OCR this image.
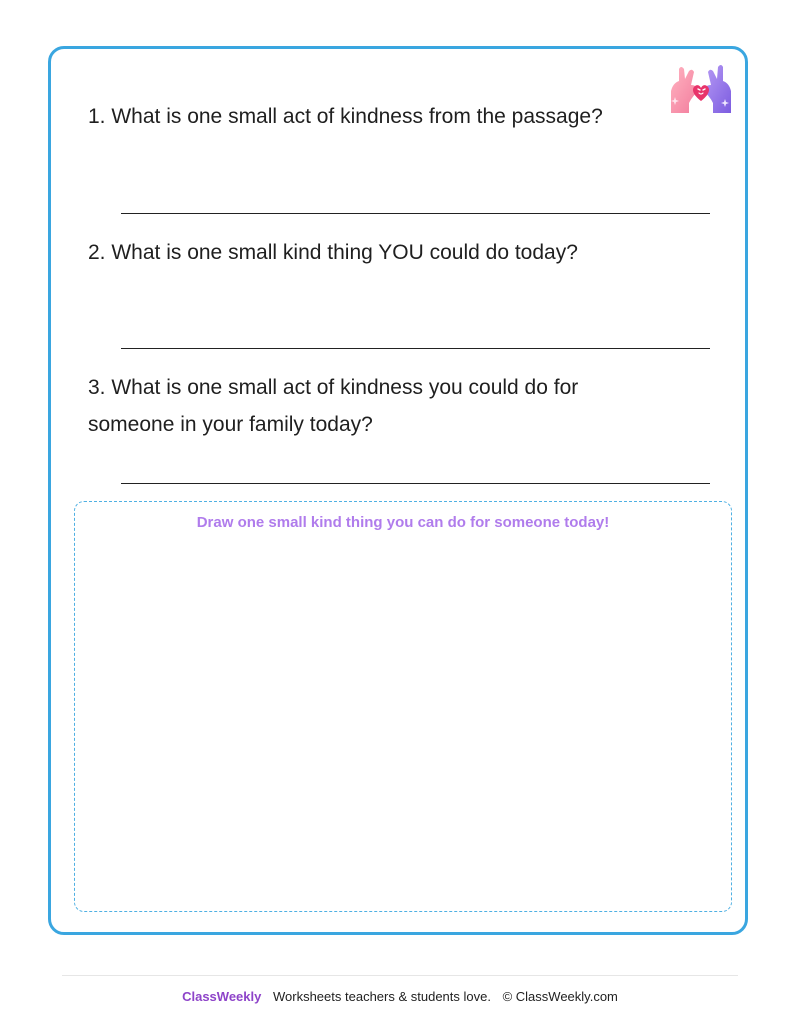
1. What is one small act of kindness from the passage?
2. What is one small kind thing YOU could do today?
3. What is one small act of kindness you could do for someone in your family today?
Draw one small kind thing you can do for someone today!
ClassWeekly Worksheets teachers & students love. © ClassWeekly.com
